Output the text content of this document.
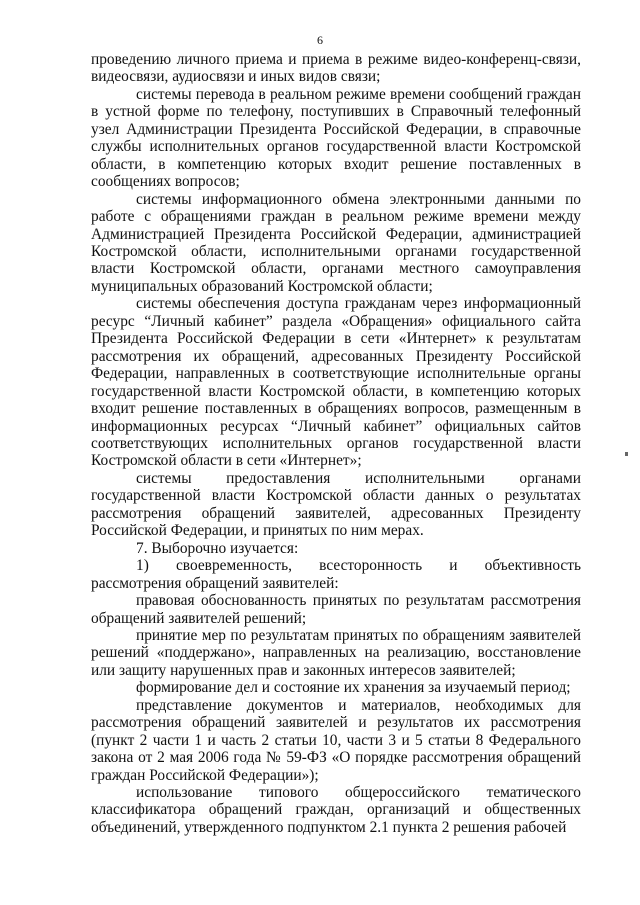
6

проведению личного приема и приема в режиме видео-конференц-связи, видеосвязи, аудиосвязи и иных видов связи;

системы перевода в реальном режиме времени сообщений граждан в устной форме по телефону, поступивших в Справочный телефонный узел Администрации Президента Российской Федерации, в справочные службы исполнительных органов государственной власти Костромской области, в компетенцию которых входит решение поставленных в сообщениях вопросов;

системы информационного обмена электронными данными по работе с обращениями граждан в реальном режиме времени между Администрацией Президента Российской Федерации, администрацией Костромской области, исполнительными органами государственной власти Костромской области, органами местного самоуправления муниципальных образований Костромской области;

системы обеспечения доступа гражданам через информационный ресурс “Личный кабинет” раздела «Обращения» официального сайта Президента Российской Федерации в сети «Интернет» к результатам рассмотрения их обращений, адресованных Президенту Российской Федерации, направленных в соответствующие исполнительные органы государственной власти Костромской области, в компетенцию которых входит решение поставленных в обращениях вопросов, размещенным в информационных ресурсах “Личный кабинет” официальных сайтов соответствующих исполнительных органов государственной власти Костромской области в сети «Интернет»;

системы предоставления исполнительными органами государственной власти Костромской области данных о результатах рассмотрения обращений заявителей, адресованных Президенту Российской Федерации, и принятых по ним мерах.

7. Выборочно изучается:

1) своевременность, всесторонность и объективность рассмотрения обращений заявителей:

правовая обоснованность принятых по результатам рассмотрения обращений заявителей решений;

принятие мер по результатам принятых по обращениям заявителей решений «поддержано», направленных на реализацию, восстановление или защиту нарушенных прав и законных интересов заявителей;

формирование дел и состояние их хранения за изучаемый период;

представление документов и материалов, необходимых для рассмотрения обращений заявителей и результатов их рассмотрения (пункт 2 части 1 и часть 2 статьи 10, части 3 и 5 статьи 8 Федерального закона от 2 мая 2006 года № 59-ФЗ «О порядке рассмотрения обращений граждан Российской Федерации»);

использование типового общероссийского тематического классификатора обращений граждан, организаций и общественных объединений, утвержденного подпунктом 2.1 пункта 2 решения рабочей
